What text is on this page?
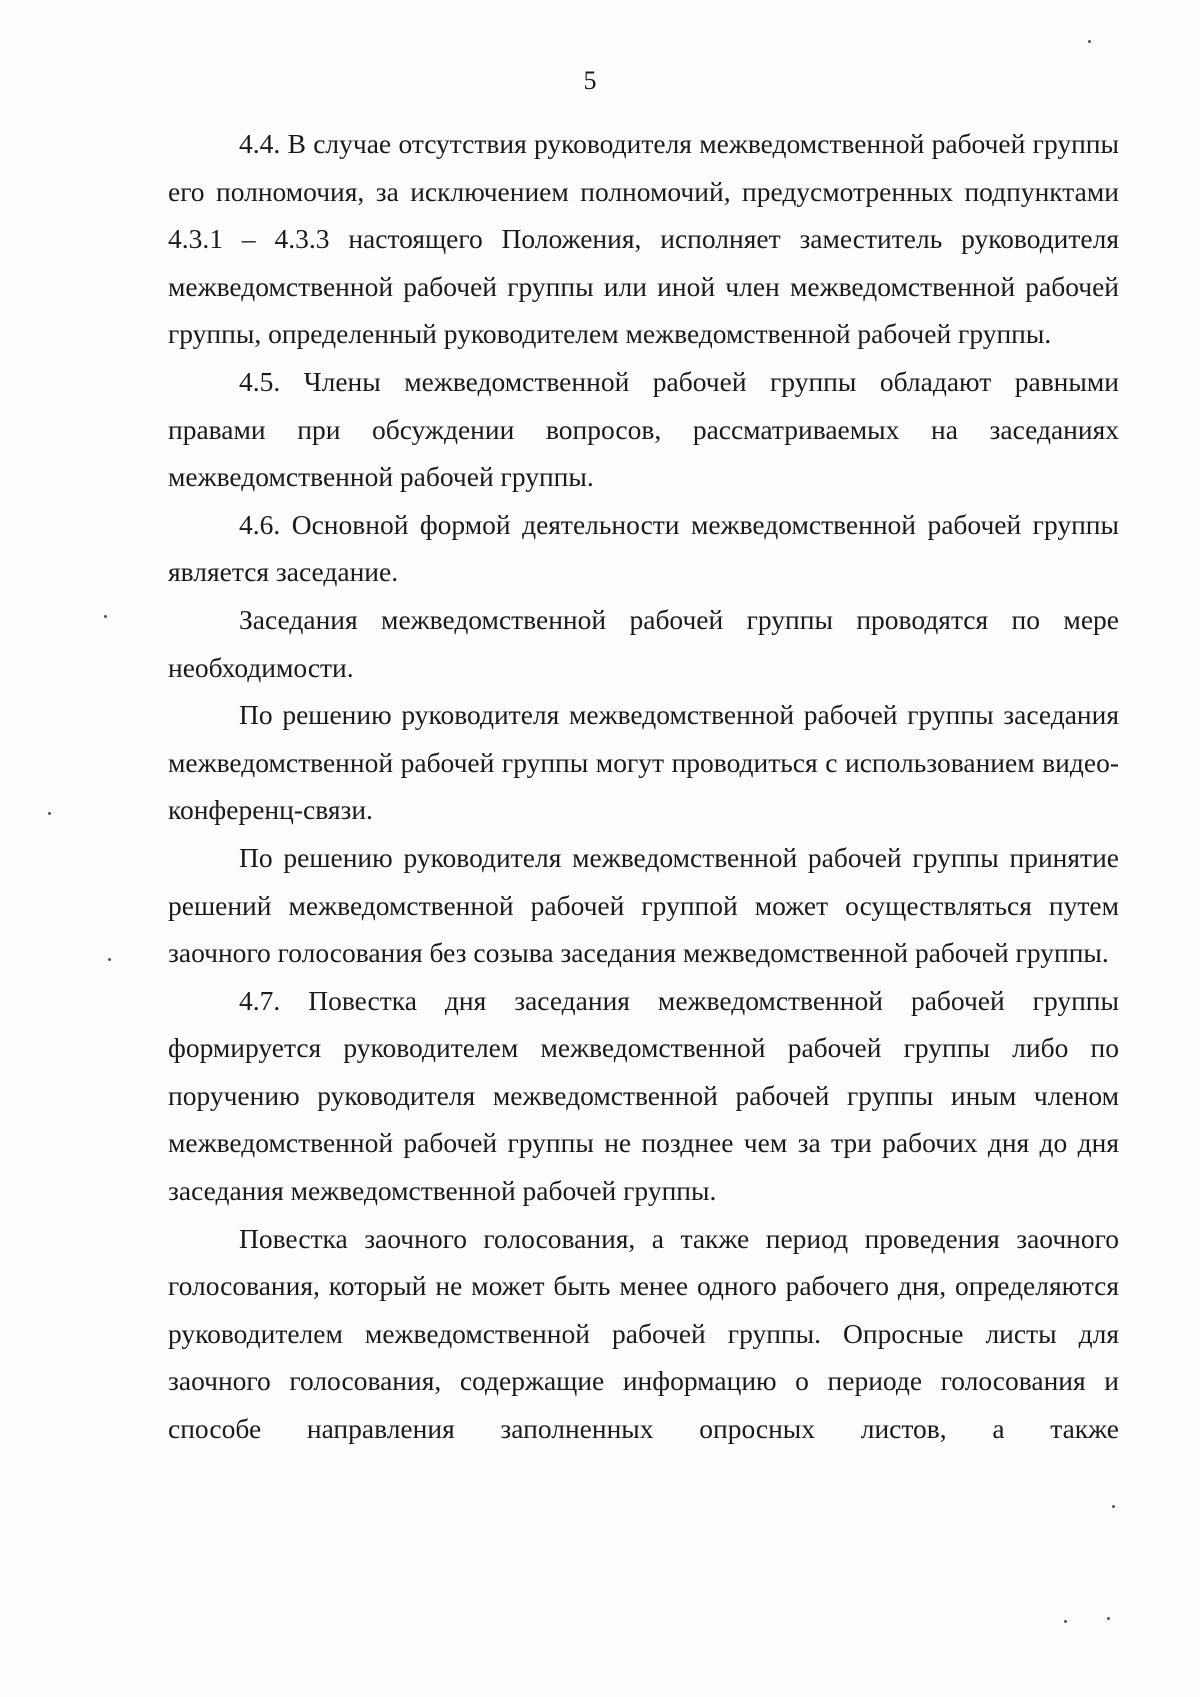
5

4.4. В случае отсутствия руководителя межведомственной рабочей группы его полномочия, за исключением полномочий, предусмотренных подпунктами 4.3.1 – 4.3.3 настоящего Положения, исполняет заместитель руководителя межведомственной рабочей группы или иной член межведомственной рабочей группы, определенный руководителем межведомственной рабочей группы.

4.5. Члены межведомственной рабочей группы обладают равными правами при обсуждении вопросов, рассматриваемых на заседаниях межведомственной рабочей группы.

4.6. Основной формой деятельности межведомственной рабочей группы является заседание.

Заседания межведомственной рабочей группы проводятся по мере необходимости.

По решению руководителя межведомственной рабочей группы заседания межведомственной рабочей группы могут проводиться с использованием видео-конференц-связи.

По решению руководителя межведомственной рабочей группы принятие решений межведомственной рабочей группой может осуществляться путем заочного голосования без созыва заседания межведомственной рабочей группы.

4.7. Повестка дня заседания межведомственной рабочей группы формируется руководителем межведомственной рабочей группы либо по поручению руководителя межведомственной рабочей группы иным членом межведомственной рабочей группы не позднее чем за три рабочих дня до дня заседания межведомственной рабочей группы.

Повестка заочного голосования, а также период проведения заочного голосования, который не может быть менее одного рабочего дня, определяются руководителем межведомственной рабочей группы. Опросные листы для заочного голосования, содержащие информацию о периоде голосования и способе направления заполненных опросных листов, а также
